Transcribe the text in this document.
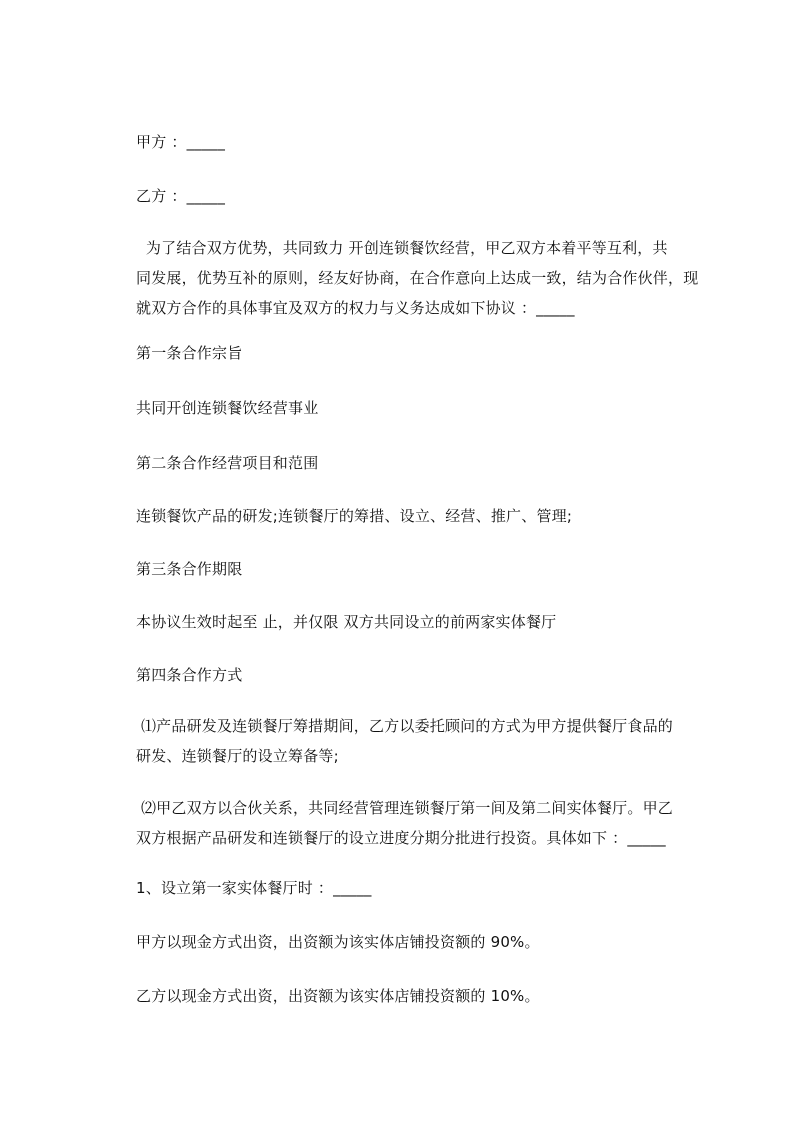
甲方 ：_____
乙方 ：_____
为了结合双方优势，共同致力 开创连锁餐饮经营，甲乙双方本着平等互利，共
同发展，优势互补的原则，经友好协商，在合作意向上达成一致，结为合作伙伴，现
就双方合作的具体事宜及双方的权力与义务达成如下协议 ：_____
第一条合作宗旨
共同开创连锁餐饮经营事业
第二条合作经营项目和范围
连锁餐饮产品的研发;连锁餐厅的筹措、设立、经营、推广、管理;
第三条合作期限
本协议生效时起至 止，并仅限 双方共同设立的前两家实体餐厅
第四条合作方式
⑴产品研发及连锁餐厅筹措期间，乙方以委托顾问的方式为甲方提供餐厅食品的
研发、连锁餐厅的设立筹备等;
⑵甲乙双方以合伙关系，共同经营管理连锁餐厅第一间及第二间实体餐厅。甲乙
双方根据产品研发和连锁餐厅的设立进度分期分批进行投资。具体如下 ：_____
1、设立第一家实体餐厅时 ：_____
甲方以现金方式出资，出资额为该实体店铺投资额的 90%。
乙方以现金方式出资，出资额为该实体店铺投资额的 10%。
